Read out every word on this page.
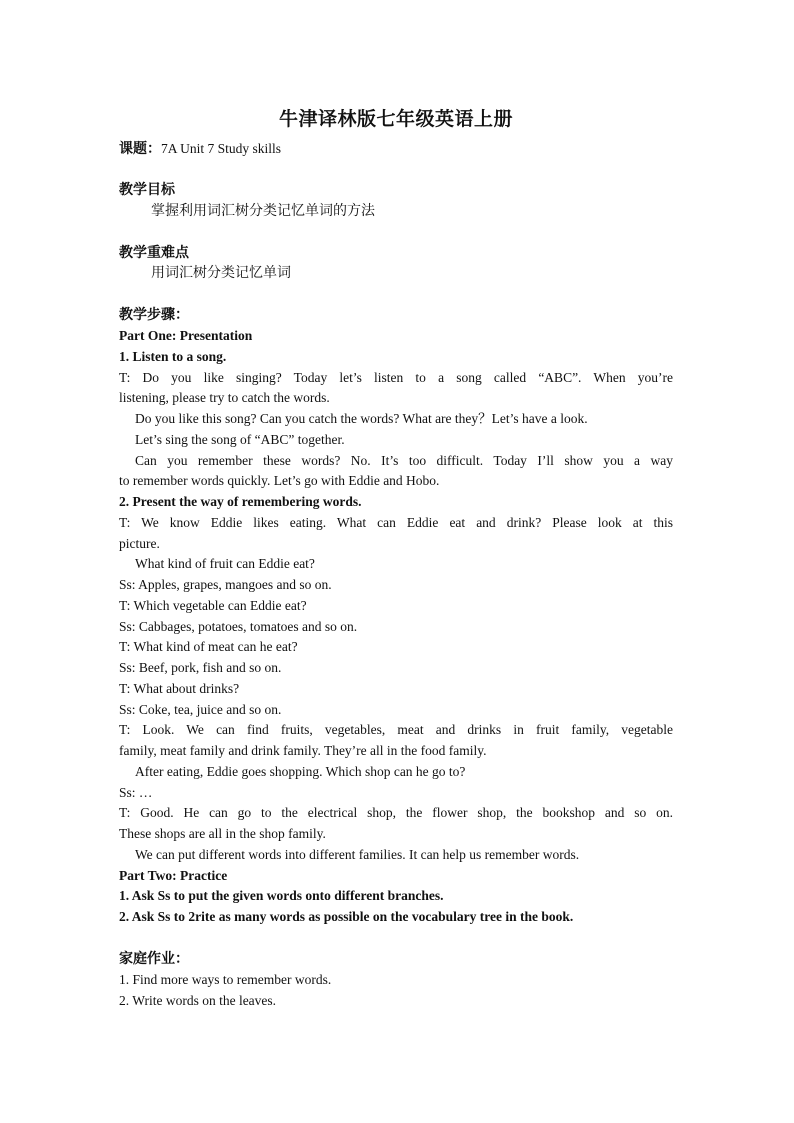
牛津译林版七年级英语上册
课题：7A Unit 7 Study skills
教学目标
掌握利用词汇树分类记忆单词的方法
教学重难点
用词汇树分类记忆单词
教学步骤：
Part One: Presentation
1. Listen to a song.
T: Do you like singing? Today let’s listen to a song called “ABC”. When you’re
listening, please try to catch the words.
Do you like this song? Can you catch the words? What are they？Let’s have a look.
Let’s sing the song of “ABC” together.
Can you remember these words? No. It’s too difficult. Today I’ll show you a way
to remember words quickly. Let’s go with Eddie and Hobo.
2. Present the way of remembering words.
T: We know Eddie likes eating. What can Eddie eat and drink? Please look at this
picture.
What kind of fruit can Eddie eat?
Ss: Apples, grapes, mangoes and so on.
T: Which vegetable can Eddie eat?
Ss: Cabbages, potatoes, tomatoes and so on.
T: What kind of meat can he eat?
Ss: Beef, pork, fish and so on.
T: What about drinks?
Ss: Coke, tea, juice and so on.
T: Look. We can find fruits, vegetables, meat and drinks in fruit family, vegetable
family, meat family and drink family. They’re all in the food family.
After eating, Eddie goes shopping. Which shop can he go to?
Ss: …
T: Good. He can go to the electrical shop, the flower shop, the bookshop and so on.
These shops are all in the shop family.
We can put different words into different families. It can help us remember words.
Part Two: Practice
1. Ask Ss to put the given words onto different branches.
2. Ask Ss to 2rite as many words as possible on the vocabulary tree in the book.
家庭作业：
1. Find more ways to remember words.
2. Write words on the leaves.
